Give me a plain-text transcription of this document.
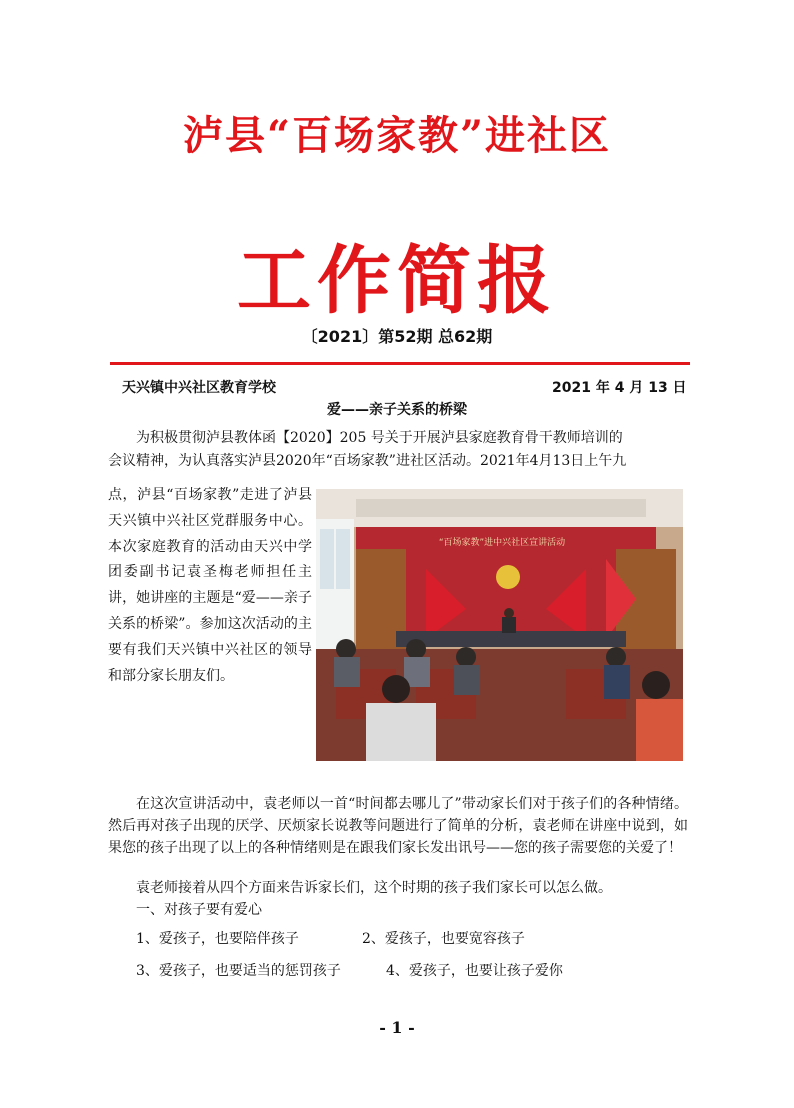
泸县“百场家教”进社区
工作简报
〔2021〕第52期 总62期
天兴镇中兴社区教育学校	2021 年 4 月 13 日
爱——亲子关系的桥梁
为积极贯彻泸县教体函【2020】205 号关于开展泸县家庭教育骨干教师培训的
会议精神，为认真落实泸县2020年“百场家教”进社区活动。2021年4月13日上午九
点，泸县“百场家教”走进了泸县天兴镇中兴社区党群服务中心。本次家庭教育的活动由天兴中学团委副书记袁圣梅老师担任主讲，她讲座的主题是“爱——亲子关系的桥梁”。参加这次活动的主要有我们天兴镇中兴社区的领导和部分家长朋友们。
“百场家教”进中兴社区宣讲活动
在这次宣讲活动中，袁老师以一首“时间都去哪儿了”带动家长们对于孩子们的各种情绪。然后再对孩子出现的厌学、厌烦家长说教等问题进行了简单的分析，袁老师在讲座中说到，如果您的孩子出现了以上的各种情绪则是在跟我们家长发出讯号——您的孩子需要您的关爱了！
袁老师接着从四个方面来告诉家长们，这个时期的孩子我们家长可以怎么做。
一、对孩子要有爱心
1、爱孩子，也要陪伴孩子	2、爱孩子，也要宽容孩子
3、爱孩子，也要适当的惩罚孩子	4、爱孩子，也要让孩子爱你
- 1 -
